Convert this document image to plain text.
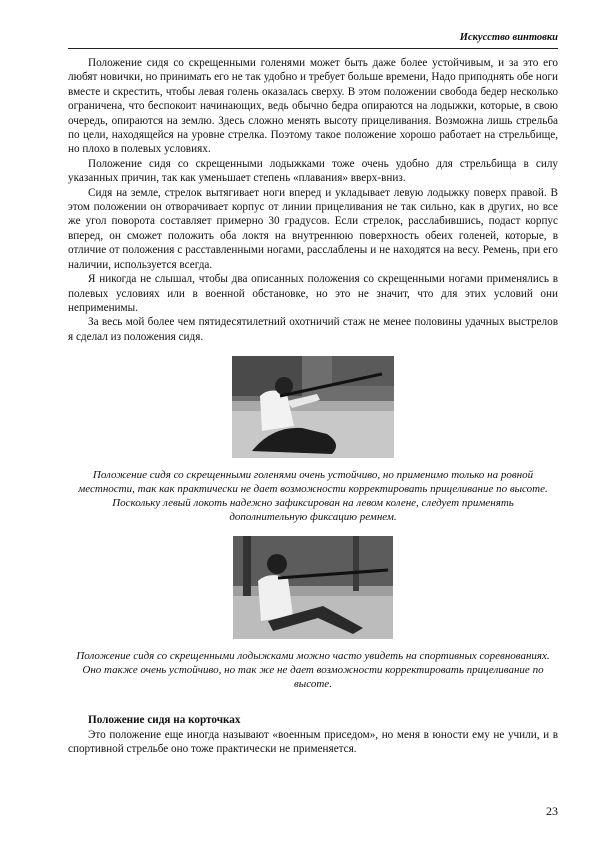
Искусство винтовки

Положение сидя со скрещенными голенями может быть даже более устойчивым, и за это его любят новички, но принимать его не так удобно и требует больше времени, Надо приподнять обе ноги вместе и скрестить, чтобы левая голень оказалась сверху. В этом положении свобода бедер несколько ограничена, что беспокоит начинающих, ведь обычно бедра опираются на лодыжки, которые, в свою очередь, опираются на землю. Здесь сложно менять высоту прицеливания. Возможна лишь стрельба по цели, находящейся на уровне стрелка. Поэтому такое положение хорошо работает на стрельбище, но плохо в полевых условиях.

Положение сидя со скрещенными лодыжками тоже очень удобно для стрельбища в силу указанных причин, так как уменьшает степень «плавания» вверх-вниз.

Сидя на земле, стрелок вытягивает ноги вперед и укладывает левую лодыжку поверх правой. В этом положении он отворачивает корпус от линии прицеливания не так сильно, как в других, но все же угол поворота составляет примерно 30 градусов. Если стрелок, расслабившись, подаст корпус вперед, он сможет положить оба локтя на внутреннюю поверхность обеих голеней, которые, в отличие от положения с расставленными ногами, расслаблены и не находятся на весу. Ремень, при его наличии, используется всегда.

Я никогда не слышал, чтобы два описанных положения со скрещенными ногами применялись в полевых условиях или в военной обстановке, но это не значит, что для этих условий они неприменимы.

За весь мой более чем пятидесятилетний охотничий стаж не менее половины удачных выстрелов я сделал из положения сидя.

Положение сидя со скрещенными голенями очень устойчиво, но применимо только на ровной местности, так как практически не дает возможности корректировать прицеливание по высоте. Поскольку левый локоть надежно зафиксирован на левом колене, следует применять дополнительную фиксацию ремнем.
Положение сидя со скрещенными лодыжками можно часто увидеть на спортивных соревнованиях. Оно также очень устойчиво, но так же не дает возможности корректировать прицеливание по высоте.
Положение сидя на корточках

Это положение еще иногда называют «военным приседом», но меня в юности ему не учили, и в спортивной стрельбе оно тоже практически не применяется.

23
